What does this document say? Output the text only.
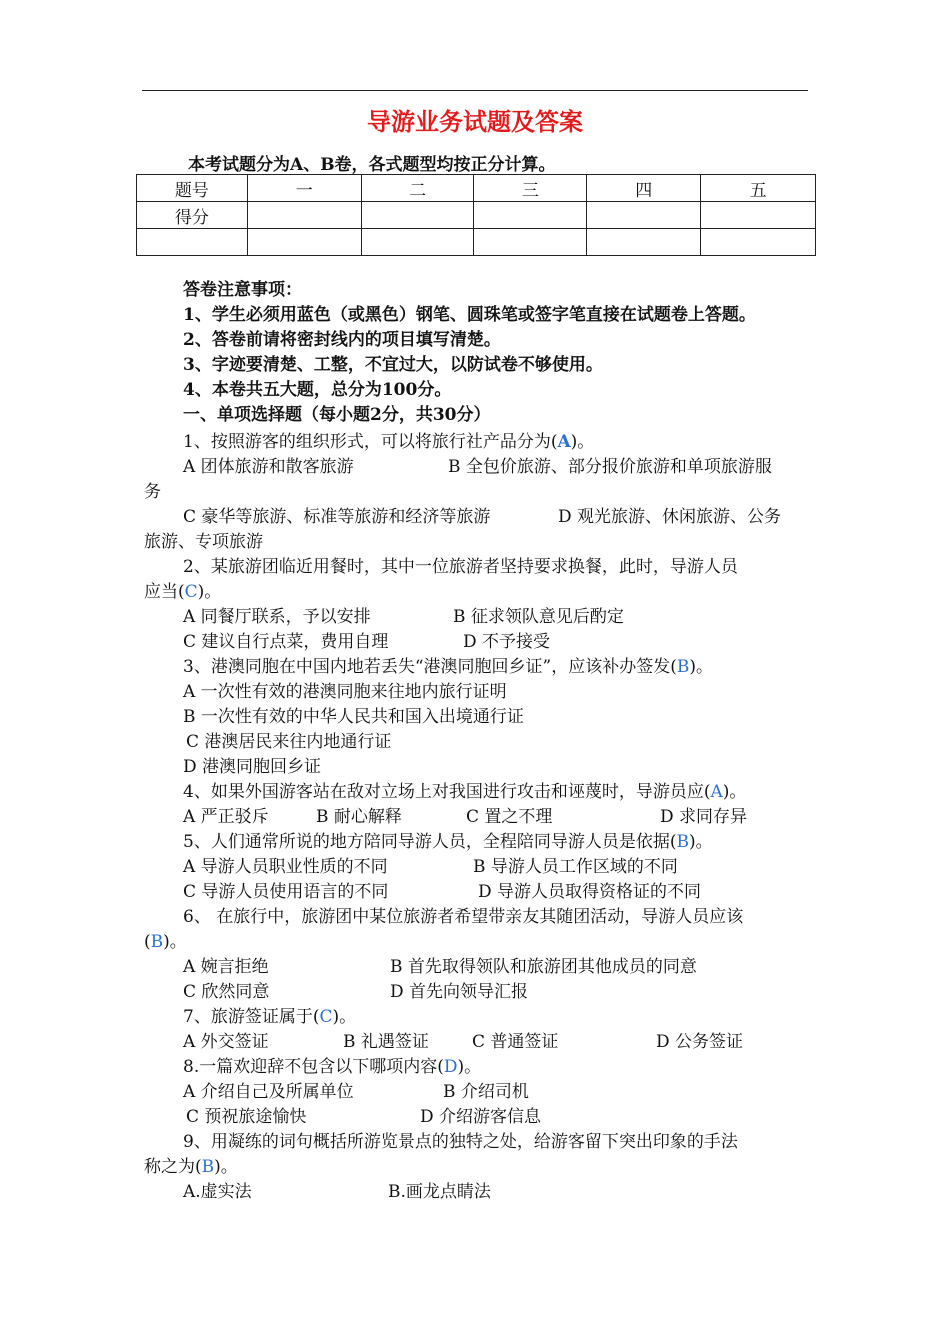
导游业务试题及答案
本考试题分为A、B卷，各式题型均按正分计算。
题号	一	二	三	四	五
得分					

答卷注意事项：
1、学生必须用蓝色（或黑色）钢笔、圆珠笔或签字笔直接在试题卷上答题。
2、答卷前请将密封线内的项目填写清楚。
3、字迹要清楚、工整，不宜过大，以防试卷不够使用。
4、本卷共五大题，总分为100分。
一、单项选择题（每小题2分，共30分）
1、按照游客的组织形式，可以将旅行社产品分为(A)。
A 团体旅游和散客旅游	B 全包价旅游、部分报价旅游和单项旅游服
务
C 豪华等旅游、标准等旅游和经济等旅游	D 观光旅游、休闲旅游、公务
旅游、专项旅游
2、某旅游团临近用餐时，其中一位旅游者坚持要求换餐，此时，导游人员
应当(C)。
A 同餐厅联系，予以安排	B 征求领队意见后酌定
C 建议自行点菜，费用自理	D 不予接受
3、港澳同胞在中国内地若丢失“港澳同胞回乡证”，应该补办签发(B)。
A 一次性有效的港澳同胞来往地内旅行证明
B 一次性有效的中华人民共和国入出境通行证
C 港澳居民来往内地通行证
D 港澳同胞回乡证
4、如果外国游客站在敌对立场上对我国进行攻击和诬蔑时，导游员应(A)。
A 严正驳斥	B 耐心解释	C 置之不理	D 求同存异
5、人们通常所说的地方陪同导游人员，全程陪同导游人员是依据(B)。
A 导游人员职业性质的不同	B 导游人员工作区域的不同
C 导游人员使用语言的不同	D 导游人员取得资格证的不同
6、 在旅行中，旅游团中某位旅游者希望带亲友其随团活动，导游人员应该
(B)。
A 婉言拒绝	B 首先取得领队和旅游团其他成员的同意
C 欣然同意	D 首先向领导汇报
7、旅游签证属于(C)。
A 外交签证	B 礼遇签证	C 普通签证	D 公务签证
8.一篇欢迎辞不包含以下哪项内容(D)。
A 介绍自己及所属单位	B 介绍司机
C 预祝旅途愉快	D 介绍游客信息
9、用凝练的词句概括所游览景点的独特之处，给游客留下突出印象的手法
称之为(B)。
A.虚实法	B.画龙点睛法
